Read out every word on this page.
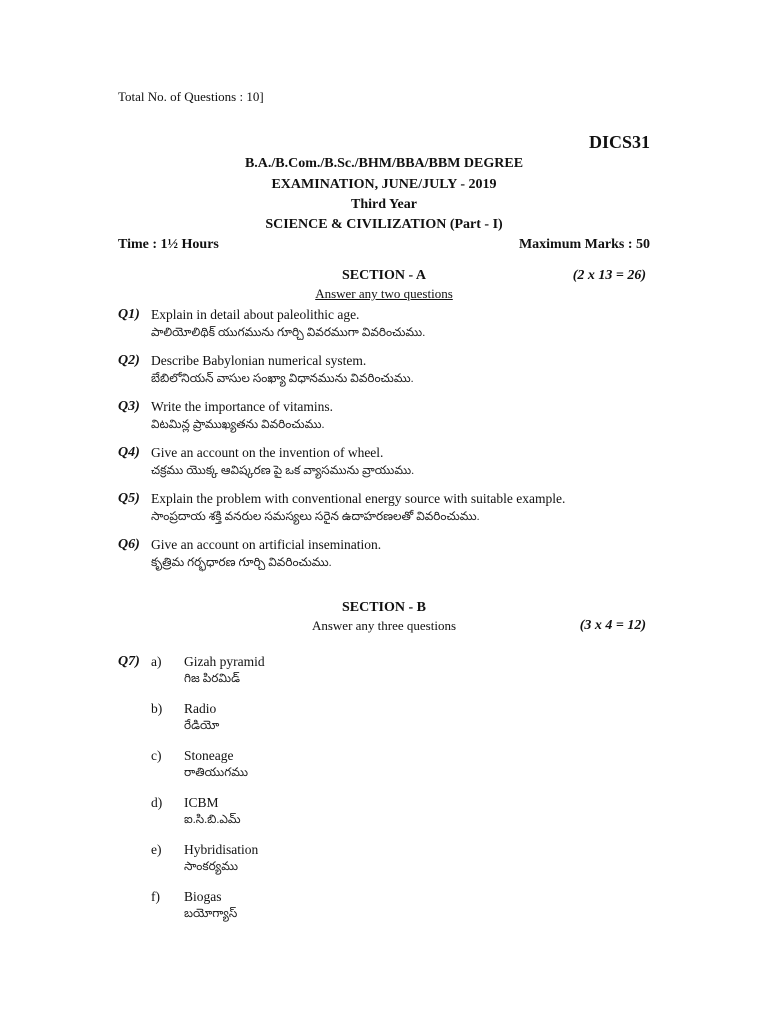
Total No. of Questions : 10]
DICS31
B.A./B.Com./B.Sc./BHM/BBA/BBM DEGREE
EXAMINATION, JUNE/JULY - 2019
Third Year
SCIENCE & CIVILIZATION (Part - I)
Time : 1½ Hours	Maximum Marks : 50
SECTION - A	(2 x 13 = 26)
Answer any two questions
Q1) Explain in detail about paleolithic age.
పాలియోలిథిక్ యుగమును గూర్చి వివరముగా వివరించుము.
Q2) Describe Babylonian numerical system.
బేబిలోనియన్ వాసుల సంఖ్యా విధానమును వివరించుము.
Q3) Write the importance of vitamins.
విటమిన్ల ప్రాముఖ్యతను వివరించుము.
Q4) Give an account on the invention of wheel.
చక్రము యొక్క ఆవిష్కరణ పై ఒక వ్యాసమును వ్రాయుము.
Q5) Explain the problem with conventional energy source with suitable example.
సాంప్రదాయ శక్తి వనరుల సమస్యలు సరైన ఉదాహరణలతో వివరించుము.
Q6) Give an account on artificial insemination.
కృత్రిమ గర్భధారణ గూర్చి వివరించుము.
SECTION - B
Answer any three questions	(3 x 4 = 12)
Q7) a) Gizah pyramid
గిజ పిరమిడ్
b) Radio
రేడియో
c) Stoneage
రాతియుగము
d) ICBM
ఐ.సి.బి.ఎమ్
e) Hybridisation
సాంకర్యము
f) Biogas
బయోగ్యాస్
